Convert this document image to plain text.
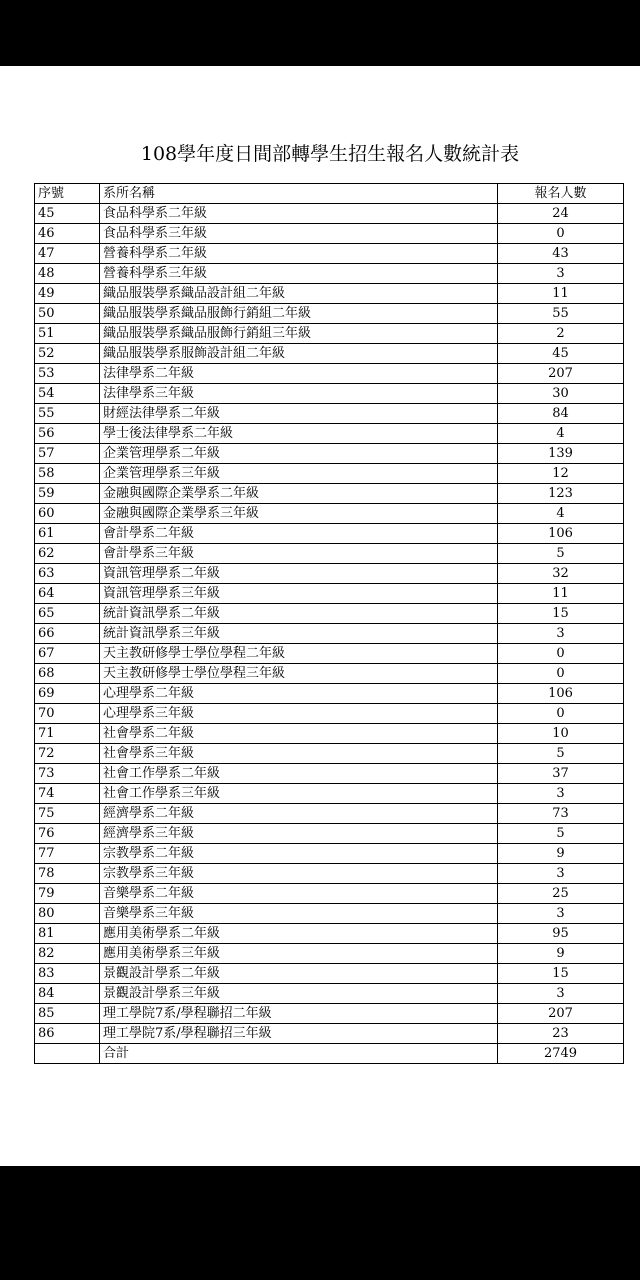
108學年度日間部轉學生招生報名人數統計表
序號	系所名稱	報名人數
45	食品科學系二年級	24
46	食品科學系三年級	0
47	營養科學系二年級	43
48	營養科學系三年級	3
49	織品服裝學系織品設計組二年級	11
50	織品服裝學系織品服飾行銷組二年級	55
51	織品服裝學系織品服飾行銷組三年級	2
52	織品服裝學系服飾設計組二年級	45
53	法律學系二年級	207
54	法律學系三年級	30
55	財經法律學系二年級	84
56	學士後法律學系二年級	4
57	企業管理學系二年級	139
58	企業管理學系三年級	12
59	金融與國際企業學系二年級	123
60	金融與國際企業學系三年級	4
61	會計學系二年級	106
62	會計學系三年級	5
63	資訊管理學系二年級	32
64	資訊管理學系三年級	11
65	統計資訊學系二年級	15
66	統計資訊學系三年級	3
67	天主教研修學士學位學程二年級	0
68	天主教研修學士學位學程三年級	0
69	心理學系二年級	106
70	心理學系三年級	0
71	社會學系二年級	10
72	社會學系三年級	5
73	社會工作學系二年級	37
74	社會工作學系三年級	3
75	經濟學系二年級	73
76	經濟學系三年級	5
77	宗教學系二年級	9
78	宗教學系三年級	3
79	音樂學系二年級	25
80	音樂學系三年級	3
81	應用美術學系二年級	95
82	應用美術學系三年級	9
83	景觀設計學系二年級	15
84	景觀設計學系三年級	3
85	理工學院7系/學程聯招二年級	207
86	理工學院7系/學程聯招三年級	23
	合計	2749
